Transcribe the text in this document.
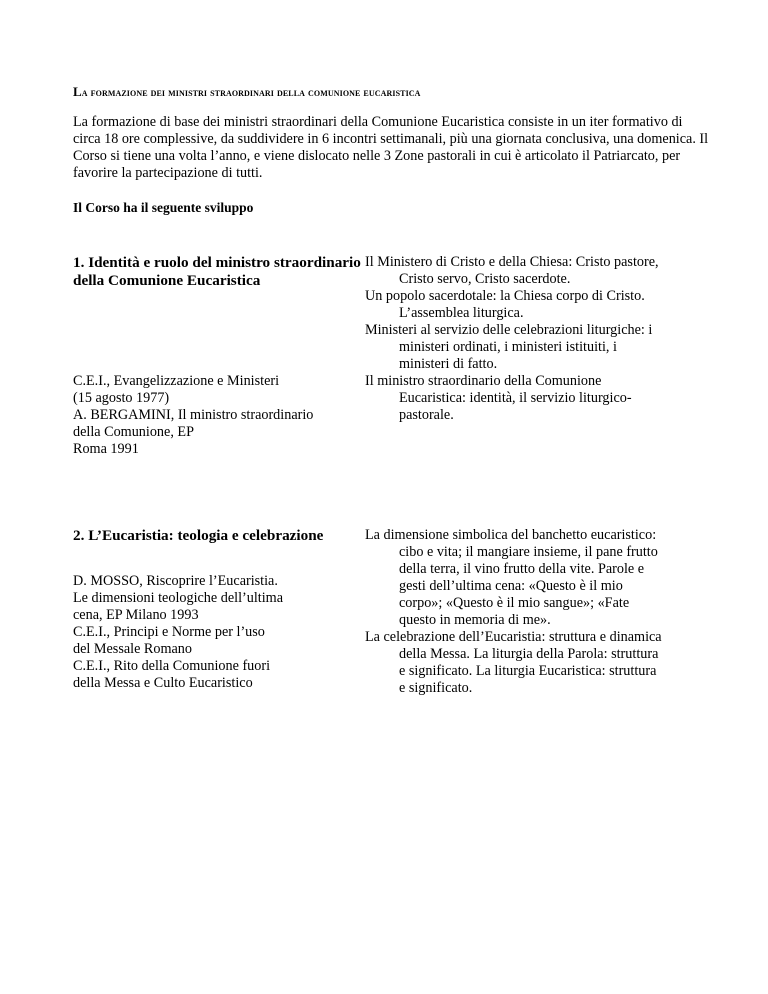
La formazione dei ministri straordinari della comunione eucaristica

La formazione di base dei ministri straordinari della Comunione Eucaristica consiste in un iter formativo di circa 18 ore complessive, da suddividere in 6 incontri settimanali, più una giornata conclusiva, una domenica. Il Corso si tiene una volta l’anno, e viene dislocato nelle 3 Zone pastorali in cui è articolato il Patriarcato, per favorire la partecipazione di tutti.

Il Corso ha il seguente sviluppo

1. Identità e ruolo del ministro straordinario della Comunione Eucaristica

C.E.I., Evangelizzazione e Ministeri
(15 agosto 1977)
A. BERGAMINI, Il ministro straordinario
della Comunione, EP
Roma 1991

Il Ministero di Cristo e della Chiesa: Cristo pastore, Cristo servo, Cristo sacerdote.

Un popolo sacerdotale: la Chiesa corpo di Cristo. L’assemblea liturgica.

Ministeri al servizio delle celebrazioni liturgiche: i ministeri ordinati, i ministeri istituiti, i ministeri di fatto.

Il ministro straordinario della Comunione Eucaristica: identità, il servizio liturgico-pastorale.

2. L’Eucaristia: teologia e celebrazione

D. MOSSO, Riscoprire l’Eucaristia.
Le dimensioni teologiche dell’ultima
cena, EP Milano 1993
C.E.I., Principi e Norme per l’uso
del Messale Romano
C.E.I., Rito della Comunione fuori
della Messa e Culto Eucaristico

La dimensione simbolica del banchetto eucaristico: cibo e vita; il mangiare insieme, il pane frutto della terra, il vino frutto della vite. Parole e gesti dell’ultima cena: «Questo è il mio corpo»; «Questo è il mio sangue»; «Fate questo in memoria di me».

La celebrazione dell’Eucaristia: struttura e dinamica della Messa. La liturgia della Parola: struttura e significato. La liturgia Eucaristica: struttura e significato.
